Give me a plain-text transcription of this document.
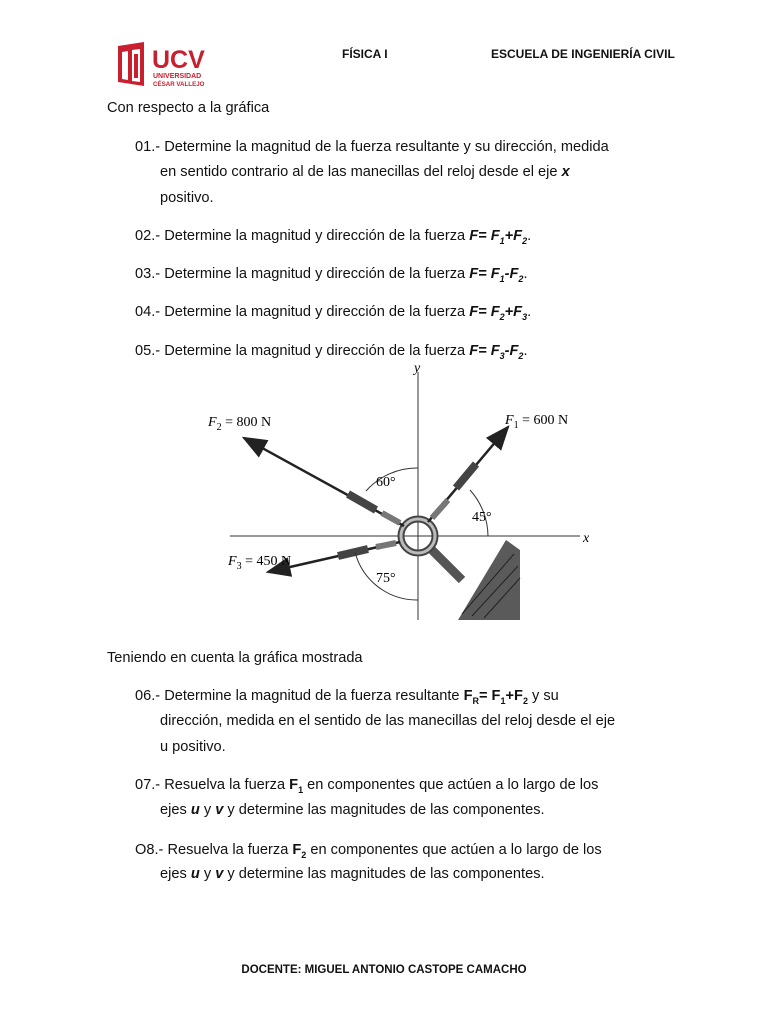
UCV
UNIVERSIDAD
CÉSAR VALLEJO
FÍSICA I	ESCUELA DE INGENIERÍA CIVIL
Con respecto a la gráfica
01.- Determine la magnitud de la fuerza resultante y su dirección, medida
en sentido contrario al de las manecillas del reloj desde el eje x
positivo.
02.- Determine la magnitud y dirección de la fuerza $F= F_1+F_2$.
03.- Determine la magnitud y dirección de la fuerza $F= F_1-F_2$.
04.- Determine la magnitud y dirección de la fuerza $F= F_2+F_3$.
05.- Determine la magnitud y dirección de la fuerza $F= F_3-F_2$.
x
y
$F_2 = 800$ N	$F_1 = 600$ N
$F_3 = 450$ N
60°
45°
75°
Teniendo en cuenta la gráfica mostrada
06.- Determine la magnitud de la fuerza resultante $F_R= F_1+F_2$ y su
dirección, medida en el sentido de las manecillas del reloj desde el eje
u positivo.
07.- Resuelva la fuerza $F_1$ en componentes que actúen a lo largo de los
ejes u y v y determine las magnitudes de las componentes.
O8.- Resuelva la fuerza $F_2$ en componentes que actúen a lo largo de los
ejes u y v y determine las magnitudes de las componentes.
DOCENTE: MIGUEL ANTONIO CASTOPE CAMACHO
